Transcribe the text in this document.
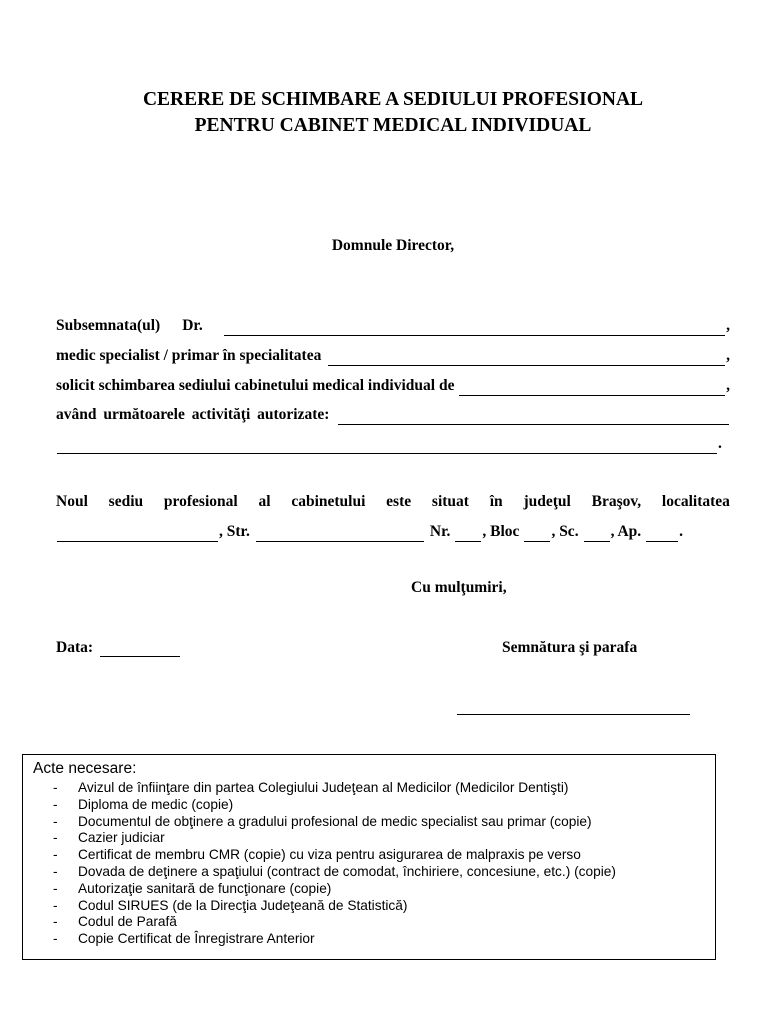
CERERE DE SCHIMBARE A SEDIULUI PROFESIONAL
PENTRU CABINET MEDICAL INDIVIDUAL
Domnule Director,
Subsemnata(ul) Dr.	,
medic specialist / primar în specialitatea	,
solicit schimbarea sediului cabinetului medical individual de	,
având următoarele activităţi autorizate:
.
Noul sediu profesional al cabinetului este situat în judeţul Braşov, localitatea
, Str.	Nr. , Bloc , Sc. , Ap. .
Cu mulţumiri,
Data:	Semnătura şi parafa
Acte necesare:
-	Avizul de înfiinţare din partea Colegiului Judeţean al Medicilor (Medicilor Dentişti)
-	Diploma de medic (copie)
-	Documentul de obţinere a gradului profesional de medic specialist sau primar (copie)
-	Cazier judiciar
-	Certificat de membru CMR (copie) cu viza pentru asigurarea de malpraxis pe verso
-	Dovada de deţinere a spaţiului (contract de comodat, închiriere, concesiune, etc.) (copie)
-	Autorizaţie sanitară de funcţionare (copie)
-	Codul SIRUES (de la Direcţia Judeţeană de Statistică)
-	Codul de Parafă
-	Copie Certificat de Înregistrare Anterior
